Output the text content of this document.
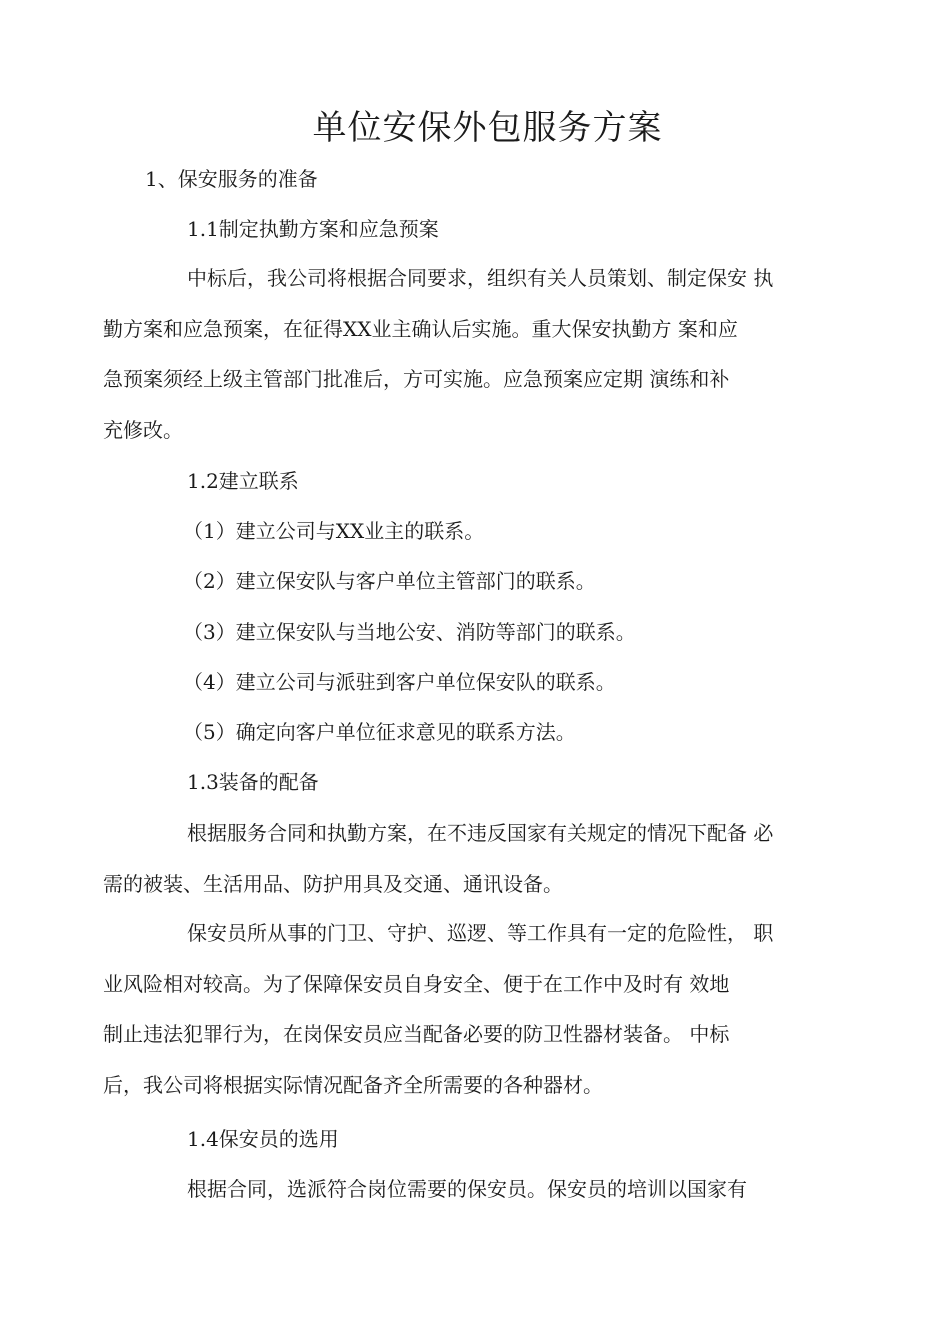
单位安保外包服务方案

1、保安服务的准备

1.1制定执勤方案和应急预案

中标后，我公司将根据合同要求，组织有关人员策划、制定保安 执
勤方案和应急预案，在征得XX业主确认后实施。重大保安执勤方 案和应
急预案须经上级主管部门批准后，方可实施。应急预案应定期 演练和补
充修改。

1.2建立联系

（1）建立公司与XX业主的联系。

（2）建立保安队与客户单位主管部门的联系。

（3）建立保安队与当地公安、消防等部门的联系。

（4）建立公司与派驻到客户单位保安队的联系。

（5）确定向客户单位征求意见的联系方法。

1.3装备的配备

根据服务合同和执勤方案，在不违反国家有关规定的情况下配备 必
需的被装、生活用品、防护用具及交通、通讯设备。
保安员所从事的门卫、守护、巡逻、等工作具有一定的危险性， 职
业风险相对较高。为了保障保安员自身安全、便于在工作中及时有 效地
制止违法犯罪行为，在岗保安员应当配备必要的防卫性器材装备。 中标
后，我公司将根据实际情况配备齐全所需要的各种器材。

1.4保安员的选用

根据合同，选派符合岗位需要的保安员。保安员的培训以国家有
